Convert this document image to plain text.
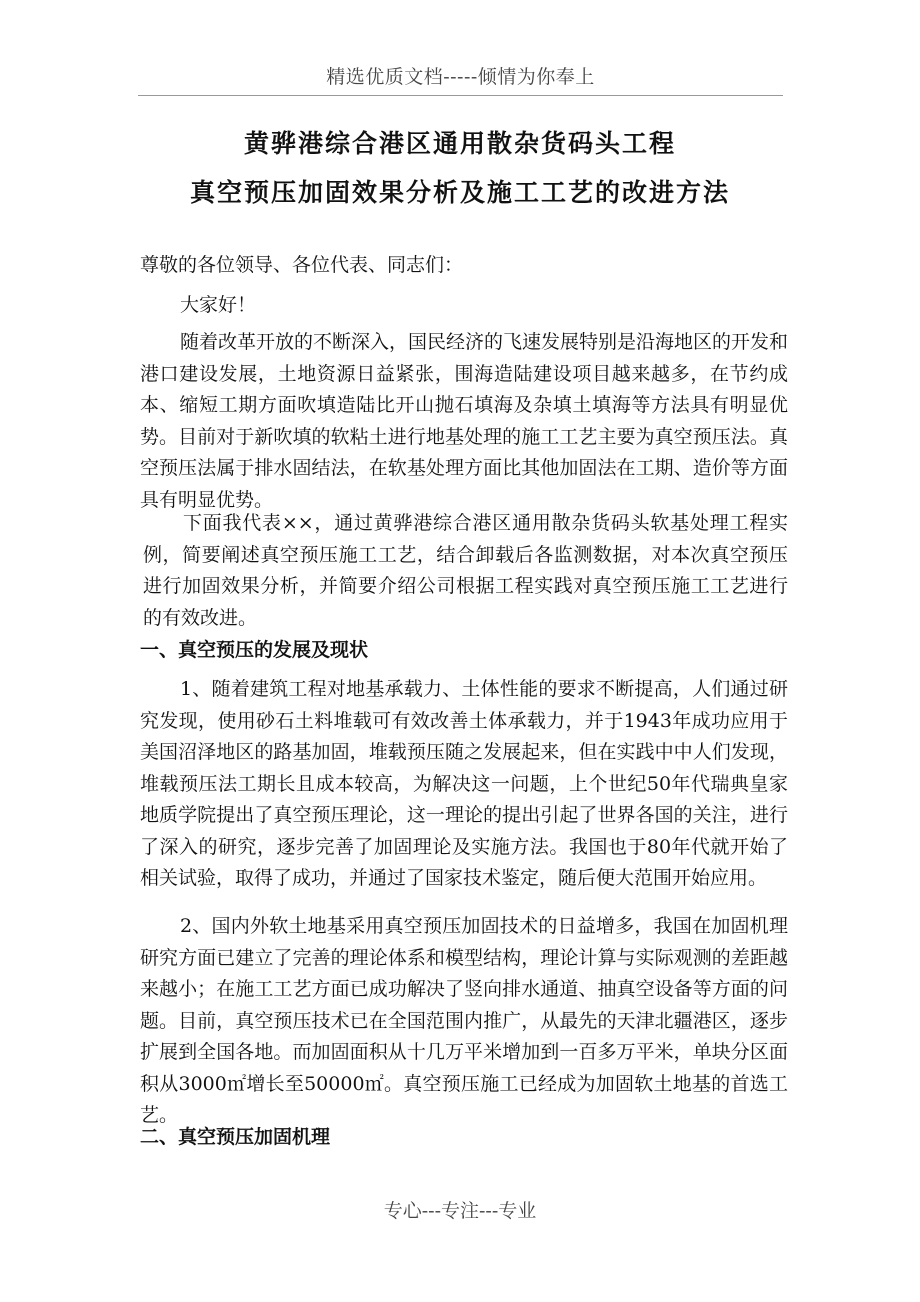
精选优质文档-----倾情为你奉上
黄骅港综合港区通用散杂货码头工程
真空预压加固效果分析及施工工艺的改进方法
尊敬的各位领导、各位代表、同志们：
大家好！
随着改革开放的不断深入，国民经济的飞速发展特别是沿海地区的开发和港口建设发展，土地资源日益紧张，围海造陆建设项目越来越多，在节约成本、缩短工期方面吹填造陆比开山抛石填海及杂填土填海等方法具有明显优势。目前对于新吹填的软粘土进行地基处理的施工工艺主要为真空预压法。真空预压法属于排水固结法，在软基处理方面比其他加固法在工期、造价等方面具有明显优势。
下面我代表××，通过黄骅港综合港区通用散杂货码头软基处理工程实例，简要阐述真空预压施工工艺，结合卸载后各监测数据，对本次真空预压进行加固效果分析，并简要介绍公司根据工程实践对真空预压施工工艺进行的有效改进。
一、真空预压的发展及现状
1、随着建筑工程对地基承载力、土体性能的要求不断提高，人们通过研究发现，使用砂石土料堆载可有效改善土体承载力，并于1943年成功应用于美国沼泽地区的路基加固，堆载预压随之发展起来，但在实践中中人们发现，堆载预压法工期长且成本较高，为解决这一问题，上个世纪50年代瑞典皇家地质学院提出了真空预压理论，这一理论的提出引起了世界各国的关注，进行了深入的研究，逐步完善了加固理论及实施方法。我国也于80年代就开始了相关试验，取得了成功，并通过了国家技术鉴定，随后便大范围开始应用。
2、国内外软土地基采用真空预压加固技术的日益增多，我国在加固机理研究方面已建立了完善的理论体系和模型结构，理论计算与实际观测的差距越来越小；在施工工艺方面已成功解决了竖向排水通道、抽真空设备等方面的问题。目前，真空预压技术已在全国范围内推广，从最先的天津北疆港区，逐步扩展到全国各地。而加固面积从十几万平米增加到一百多万平米，单块分区面积从3000㎡增长至50000㎡。真空预压施工已经成为加固软土地基的首选工艺。
二、真空预压加固机理
专心---专注---专业
